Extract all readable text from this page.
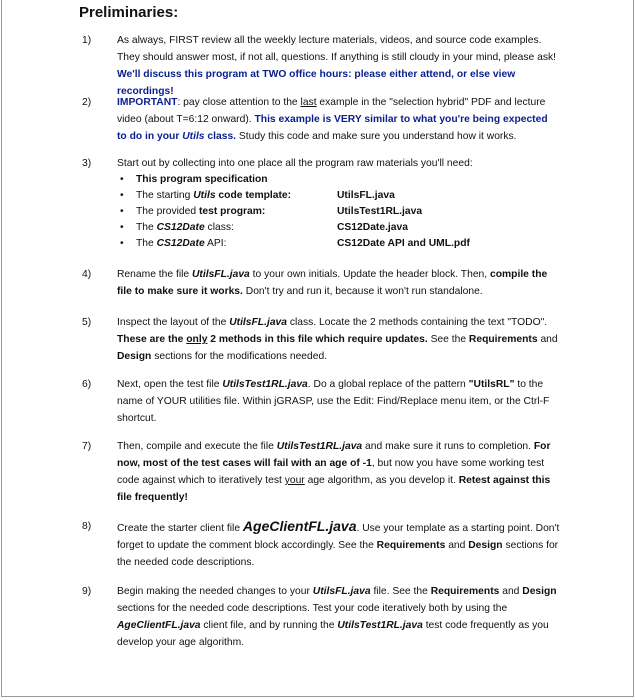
Preliminaries:
1)	As always, FIRST review all the weekly lecture materials, videos, and source code examples. They should answer most, if not all, questions. If anything is still cloudy in your mind, please ask! We'll discuss this program at TWO office hours: please either attend, or else view recordings!
2)	IMPORTANT: pay close attention to the last example in the "selection hybrid" PDF and lecture video (about T=6:12 onward). This example is VERY similar to what you're being expected to do in your Utils class. Study this code and make sure you understand how it works.
3)	Start out by collecting into one place all the program raw materials you'll need:
• This program specification
• The starting Utils code template:	UtilsFL.java
• The provided test program:	UtilsTest1RL.java
• The CS12Date class:	CS12Date.java
• The CS12Date API:	CS12Date API and UML.pdf
4)	Rename the file UtilsFL.java to your own initials. Update the header block. Then, compile the file to make sure it works. Don't try and run it, because it won't run standalone.
5)	Inspect the layout of the UtilsFL.java class. Locate the 2 methods containing the text "TODO". These are the only 2 methods in this file which require updates. See the Requirements and Design sections for the modifications needed.
6)	Next, open the test file UtilsTest1RL.java. Do a global replace of the pattern "UtilsRL" to the name of YOUR utilities file. Within jGRASP, use the Edit: Find/Replace menu item, or the Ctrl-F shortcut.
7)	Then, compile and execute the file UtilsTest1RL.java and make sure it runs to completion. For now, most of the test cases will fail with an age of -1, but now you have some working test code against which to iteratively test your age algorithm, as you develop it. Retest against this file frequently!
8)	Create the starter client file AgeClientFL.java. Use your template as a starting point. Don't forget to update the comment block accordingly. See the Requirements and Design sections for the needed code descriptions.
9)	Begin making the needed changes to your UtilsFL.java file. See the Requirements and Design sections for the needed code descriptions. Test your code iteratively both by using the AgeClientFL.java client file, and by running the UtilsTest1RL.java test code frequently as you develop your age algorithm.
